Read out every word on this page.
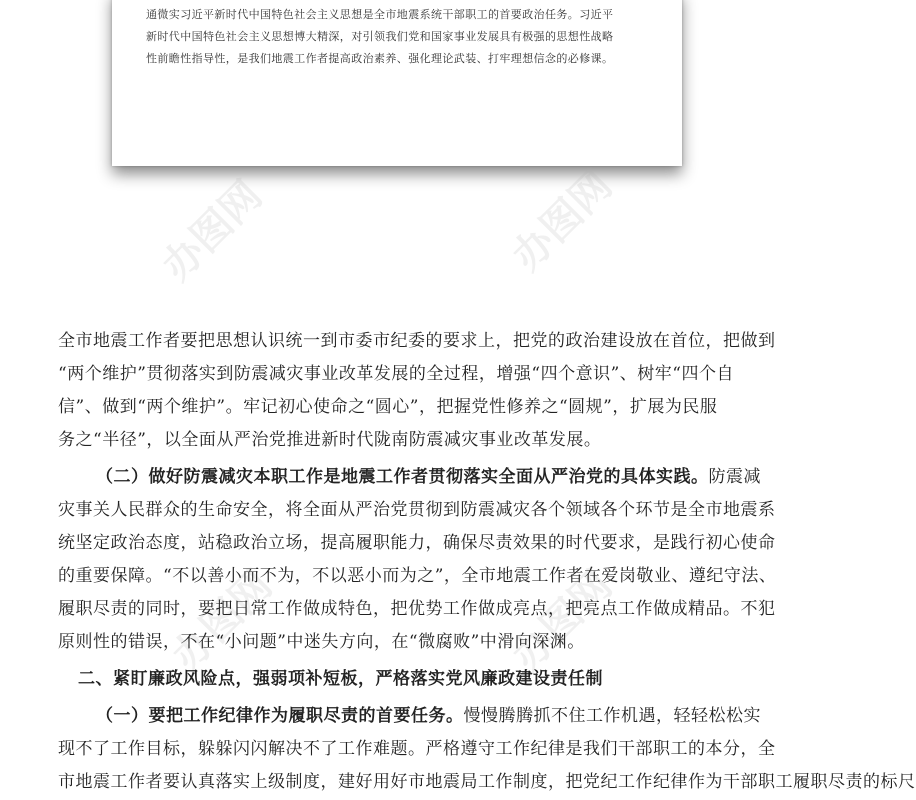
通微实习近平新时代中国特色社会主义思想是全市地震系统干部职工的首要政治任务。习近平
新时代中国特色社会主义思想博大精深，对引领我们党和国家事业发展具有极强的思想性战略
性前瞻性指导性，是我们地震工作者提高政治素养、强化理论武装、打牢理想信念的必修课。
办图网	办图网
办图网	办图网
全市地震工作者要把思想认识统一到市委市纪委的要求上，把党的政治建设放在首位，把做到
“两个维护”贯彻落实到防震减灾事业改革发展的全过程，增强“四个意识”、树牢“四个自
信”、做到“两个维护”。牢记初心使命之“圆心”，把握党性修养之“圆规”，扩展为民服
务之“半径”，以全面从严治党推进新时代陇南防震减灾事业改革发展。
（二）做好防震减灾本职工作是地震工作者贯彻落实全面从严治党的具体实践。防震减
灾事关人民群众的生命安全，将全面从严治党贯彻到防震减灾各个领域各个环节是全市地震系
统坚定政治态度，站稳政治立场，提高履职能力，确保尽责效果的时代要求，是践行初心使命
的重要保障。“不以善小而不为，不以恶小而为之”，全市地震工作者在爱岗敬业、遵纪守法、
履职尽责的同时，要把日常工作做成特色，把优势工作做成亮点，把亮点工作做成精品。不犯
原则性的错误，不在“小问题”中迷失方向，在“微腐败”中滑向深渊。
二、紧盯廉政风险点，强弱项补短板，严格落实党风廉政建设责任制
（一）要把工作纪律作为履职尽责的首要任务。慢慢腾腾抓不住工作机遇，轻轻松松实
现不了工作目标，躲躲闪闪解决不了工作难题。严格遵守工作纪律是我们干部职工的本分，全
市地震工作者要认真落实上级制度，建好用好市地震局工作制度，把党纪工作纪律作为干部职工履职尽责的标尺
